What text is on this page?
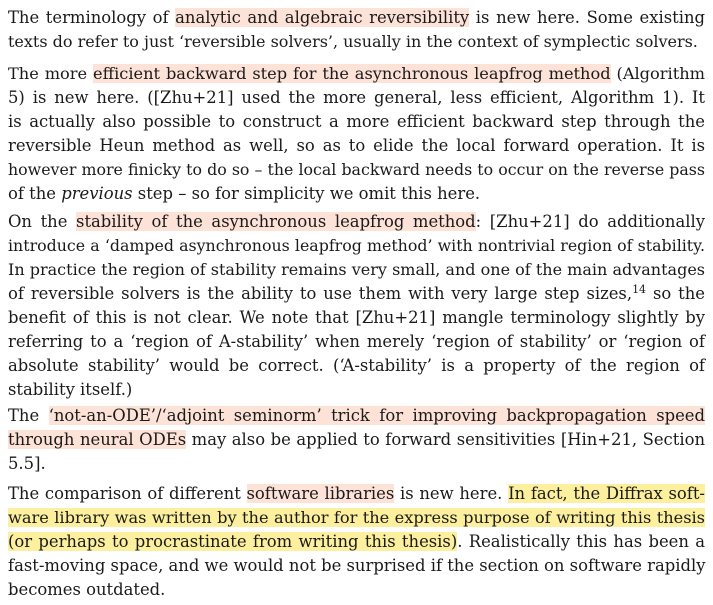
The terminology of analytic and algebraic reversibility is new here. Some existing
texts do refer to just ‘reversible solvers’, usually in the context of symplectic solvers.

The more efficient backward step for the asynchronous leapfrog method (Algorithm
5) is new here. ([Zhu+21] used the more general, less efficient, Algorithm 1). It
is actually also possible to construct a more efficient backward step through the
reversible Heun method as well, so as to elide the local forward operation. It is
however more finicky to do so – the local backward needs to occur on the reverse pass
of the previous step – so for simplicity we omit this here.

On the stability of the asynchronous leapfrog method: [Zhu+21] do additionally
introduce a ‘damped asynchronous leapfrog method’ with nontrivial region of stability.
In practice the region of stability remains very small, and one of the main advantages
of reversible solvers is the ability to use them with very large step sizes,$^{14}$ so the
benefit of this is not clear. We note that [Zhu+21] mangle terminology slightly by
referring to a ‘region of A-stability’ when merely ‘region of stability’ or ‘region of
absolute stability’ would be correct. (‘A-stability’ is a property of the region of
stability itself.)

The ‘not-an-ODE’/‘adjoint seminorm’ trick for improving backpropagation speed
through neural ODEs may also be applied to forward sensitivities [Hin+21, Section
5.5].

The comparison of different software libraries is new here. In fact, the Diffrax soft-
ware library was written by the author for the express purpose of writing this thesis
(or perhaps to procrastinate from writing this thesis). Realistically this has been a
fast-moving space, and we would not be surprised if the section on software rapidly
becomes outdated.
